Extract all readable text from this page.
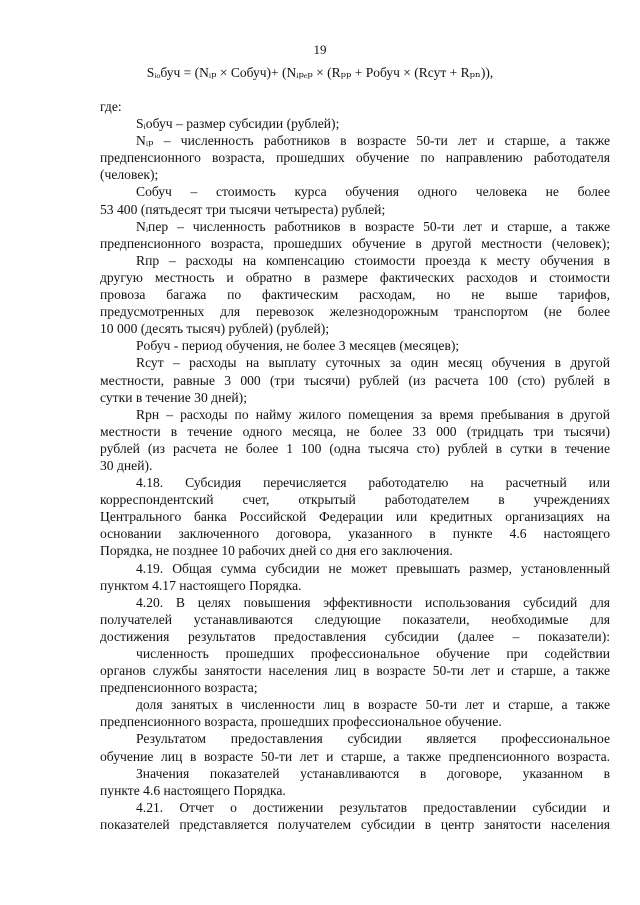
19
Sᵢₒбуч = (Nᵢₚ × Cобуч)+ (Nᵢₚₑₚ × (Rₚₚ + Pобуч × (Rсут + Rₚₙ)),
где:
Sᵢобуч – размер субсидии (рублей);
Nᵢₚ – численность работников в возрасте 50-ти лет и старше, а также
предпенсионного возраста, прошедших обучение по направлению работодателя
(человек);
Cобуч – стоимость курса обучения одного человека не более
53 400 (пятьдесят три тысячи четыреста) рублей;
Nᵢпер – численность работников в возрасте 50-ти лет и старше, а также
предпенсионного возраста, прошедших обучение в другой местности (человек);
Rпр – расходы на компенсацию стоимости проезда к месту обучения в
другую местность и обратно в размере фактических расходов и стоимости
провоза багажа по фактическим расходам, но не выше тарифов,
предусмотренных для перевозок железнодорожным транспортом (не более
10 000 (десять тысяч) рублей) (рублей);
Pобуч - период обучения, не более 3 месяцев (месяцев);
Rсут – расходы на выплату суточных за один месяц обучения в другой
местности, равные 3 000 (три тысячи) рублей (из расчета 100 (сто) рублей в
сутки в течение 30 дней);
Rрн – расходы по найму жилого помещения за время пребывания в другой
местности в течение одного месяца, не более 33 000 (тридцать три тысячи)
рублей (из расчета не более 1 100 (одна тысяча сто) рублей в сутки в течение
30 дней).
4.18. Субсидия перечисляется работодателю на расчетный или
корреспондентский счет, открытый работодателем в учреждениях
Центрального банка Российской Федерации или кредитных организациях на
основании заключенного договора, указанного в пункте 4.6 настоящего
Порядка, не позднее 10 рабочих дней со дня его заключения.
4.19. Общая сумма субсидии не может превышать размер, установленный
пунктом 4.17 настоящего Порядка.
4.20. В целях повышения эффективности использования субсидий для
получателей устанавливаются следующие показатели, необходимые для
достижения результатов предоставления субсидии (далее – показатели):
численность прошедших профессиональное обучение при содействии
органов службы занятости населения лиц в возрасте 50-ти лет и старше, а также
предпенсионного возраста;
доля занятых в численности лиц в возрасте 50-ти лет и старше, а также
предпенсионного возраста, прошедших профессиональное обучение.
Результатом предоставления субсидии является профессиональное
обучение лиц в возрасте 50-ти лет и старше, а также предпенсионного возраста.
Значения показателей устанавливаются в договоре, указанном в
пункте 4.6 настоящего Порядка.
4.21. Отчет о достижении результатов предоставлении субсидии и
показателей представляется получателем субсидии в центр занятости населения
